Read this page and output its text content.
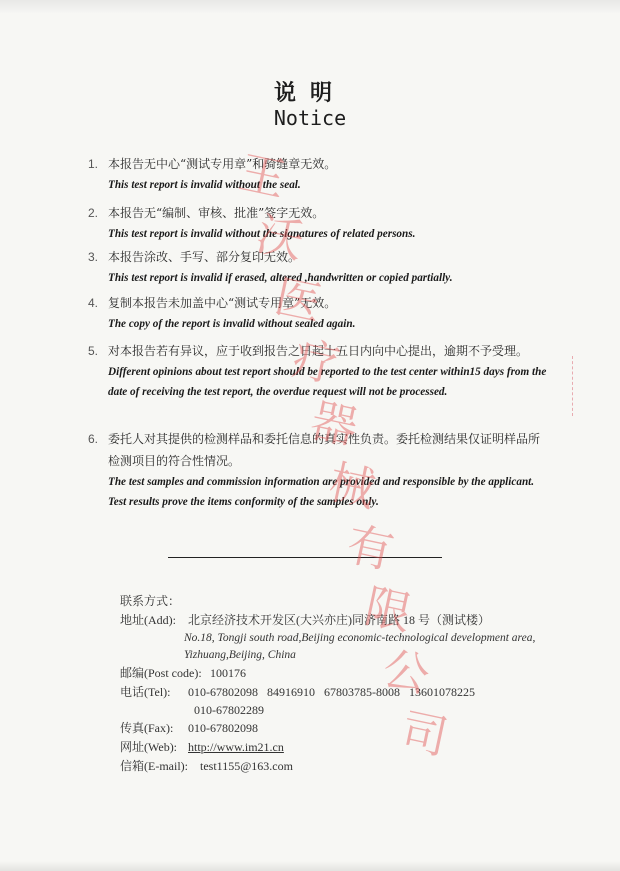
说明
Notice
1. 本报告无中心“测试专用章”和骑缝章无效。
This test report is invalid without the seal.
2. 本报告无“编制、审核、批准”签字无效。
This test report is invalid without the signatures of related persons.
3. 本报告涂改、手写、部分复印无效。
This test report is invalid if erased, altered ,handwritten or copied partially.
4. 复制本报告未加盖中心“测试专用章”无效。
The copy of the report is invalid without sealed again.
5. 对本报告若有异议，应于收到报告之日起十五日内向中心提出，逾期不予受理。
Different opinions about test report should be reported to the test center within15 days from the date of receiving the test report, the overdue request will not be processed.
6. 委托人对其提供的检测样品和委托信息的真实性负责。委托检测结果仅证明样品所检测项目的符合性情况。
The test samples and commission information are provided and responsible by the applicant. Test results prove the items conformity of the samples only.
联系方式：
地址(Add):	北京经济技术开发区(大兴亦庄)同济南路 18 号（测试楼）
No.18, Tongji south road,Beijing economic-technological development area, Yizhuang,Beijing, China
邮编(Post code): 100176
电话(Tel):	010-67802098   84916910   67803785-8008   13601078225
010-67802289
传真(Fax):	010-67802098
网址(Web): http://www.im21.cn
信箱(E-mail):	test1155@163.com
王
沃
医
疗
器
械
有
限
公
司
